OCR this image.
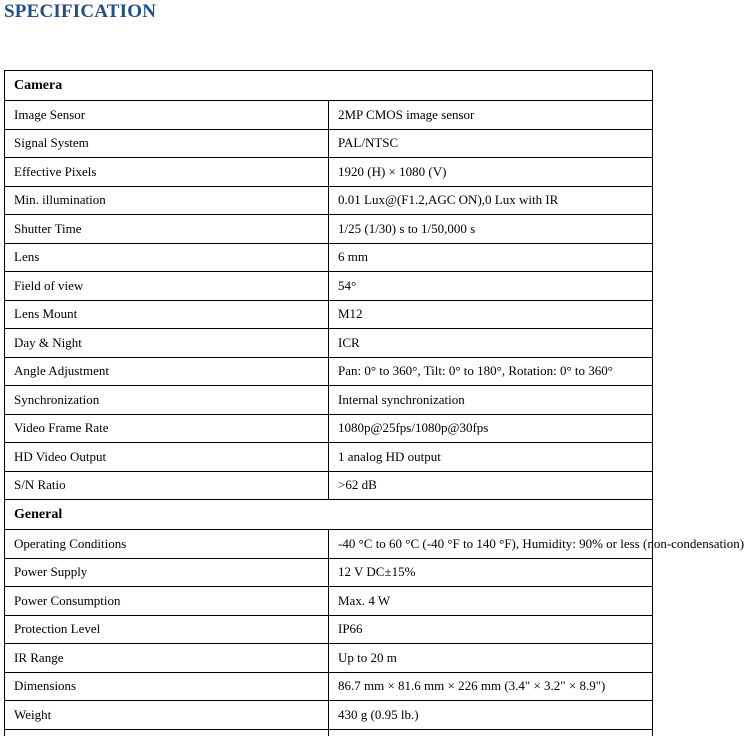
SPECIFICATION
Camera	
Image Sensor	2MP CMOS image sensor
Signal System	PAL/NTSC
Effective Pixels	1920 (H) × 1080 (V)
Min. illumination	0.01 Lux@(F1.2,AGC ON),0 Lux with IR
Shutter Time	1/25 (1/30) s to 1/50,000 s
Lens	6 mm
Field of view	54°
Lens Mount	M12
Day & Night	ICR
Angle Adjustment	Pan: 0° to 360°, Tilt: 0° to 180°, Rotation: 0° to 360°
Synchronization	Internal synchronization
Video Frame Rate	1080p@25fps/1080p@30fps
HD Video Output	1 analog HD output
S/N Ratio	>62 dB
General	
Operating Conditions	-40 °C to 60 °C (-40 °F to 140 °F), Humidity: 90% or less (non-condensation)
Power Supply	12 V DC±15%
Power Consumption	Max. 4 W
Protection Level	IP66
IR Range	Up to 20 m
Dimensions	86.7 mm × 81.6 mm × 226 mm (3.4" × 3.2" × 8.9")
Weight	430 g (0.95 lb.)
